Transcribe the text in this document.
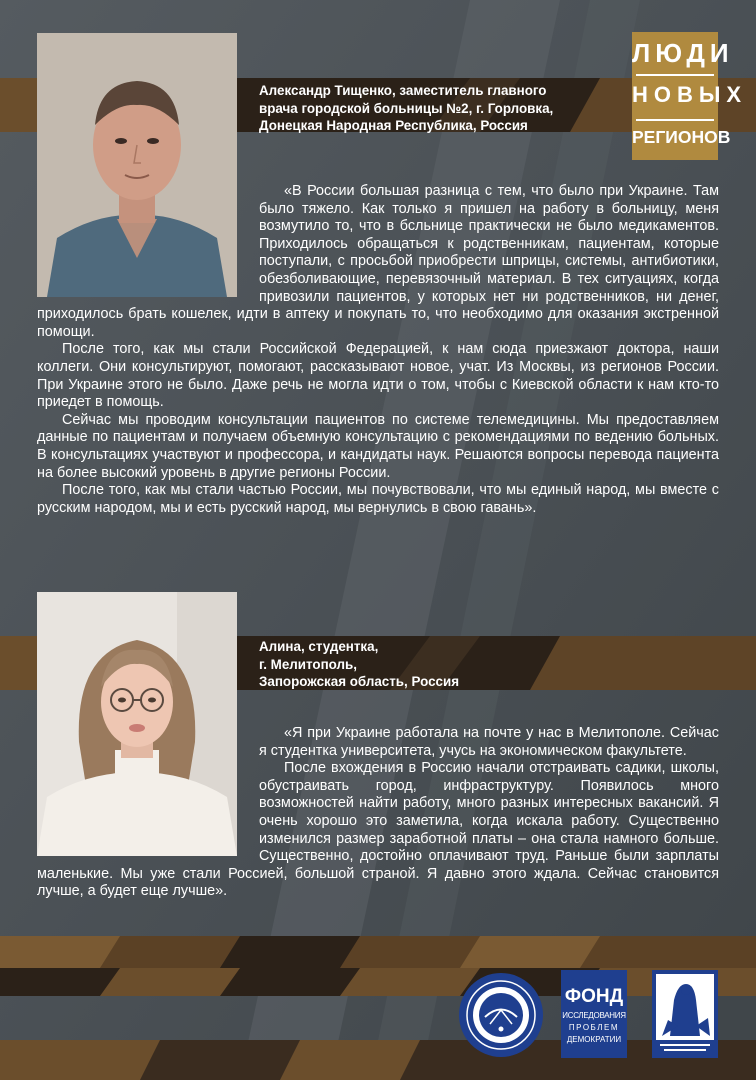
Александр Тищенко, заместитель главного
врача городской больницы №2, г. Горловка,
Донецкая Народная Республика, Россия
ЛЮДИ
НОВЫХ
РЕГИОНОВ

«В России большая разница с тем, что было при Украине. Там было тяжело. Как только я пришел на работу в больницу, меня возмутило то, что в бсльнице практически не было медикаментов. Приходилось обращаться к родственникам, пациентам, которые поступали, с просьбой приобрести шприцы, системы, антибиотики, обезболивающие, перевязочный материал. В тех ситуациях, когда привозили пациентов, у которых нет ни родственников, ни денег, приходилось брать кошелек, идти в аптеку и покупать то, что необходимо для оказания экстренной помощи.

После того, как мы стали Российской Федерацией, к нам сюда приезжают доктора, наши коллеги. Они консультируют, помогают, рассказывают новое, учат. Из Москвы, из регионов России. При Украине этого не было. Даже речь не могла идти о том, чтобы с Киевской области к нам кто-то приедет в помощь.

Сейчас мы проводим консультации пациентов по системе телемедицины. Мы предоставляем данные по пациентам и получаем объемную консультацию с рекомендациями по ведению больных. В консультациях участвуют и профессора, и кандидаты наук. Решаются вопросы перевода пациента на более высокий уровень в другие регионы России.

После того, как мы стали частью России, мы почувствовали, что мы единый народ, мы вместе с русским народом, мы и есть русский народ, мы вернулись в свою гавань».

Алина, студентка,
г. Мелитополь,
Запорожская область, Россия

«Я при Украине работала на почте у нас в Мелитополе. Сейчас я студентка университета, учусь на экономическом факультете.

После вхождения в Россию начали отстраивать садики, школы, обустраивать город, инфраструктуру. Появилось много возможностей найти работу, много разных интересных вакансий. Я очень хорошо это заметила, когда искала работу. Существенно изменился размер заработной платы – она стала намного больше. Существенно, достойно оплачивают труд. Раньше были зарплаты маленькие. Мы уже стали Россией, большой страной. Я давно этого ждала. Сейчас становится лучше, а будет еще лучше».

ФОНД
ИССЛЕДОВАНИЯ
ПРОБЛЕМ
ДЕМОКРАТИИ
